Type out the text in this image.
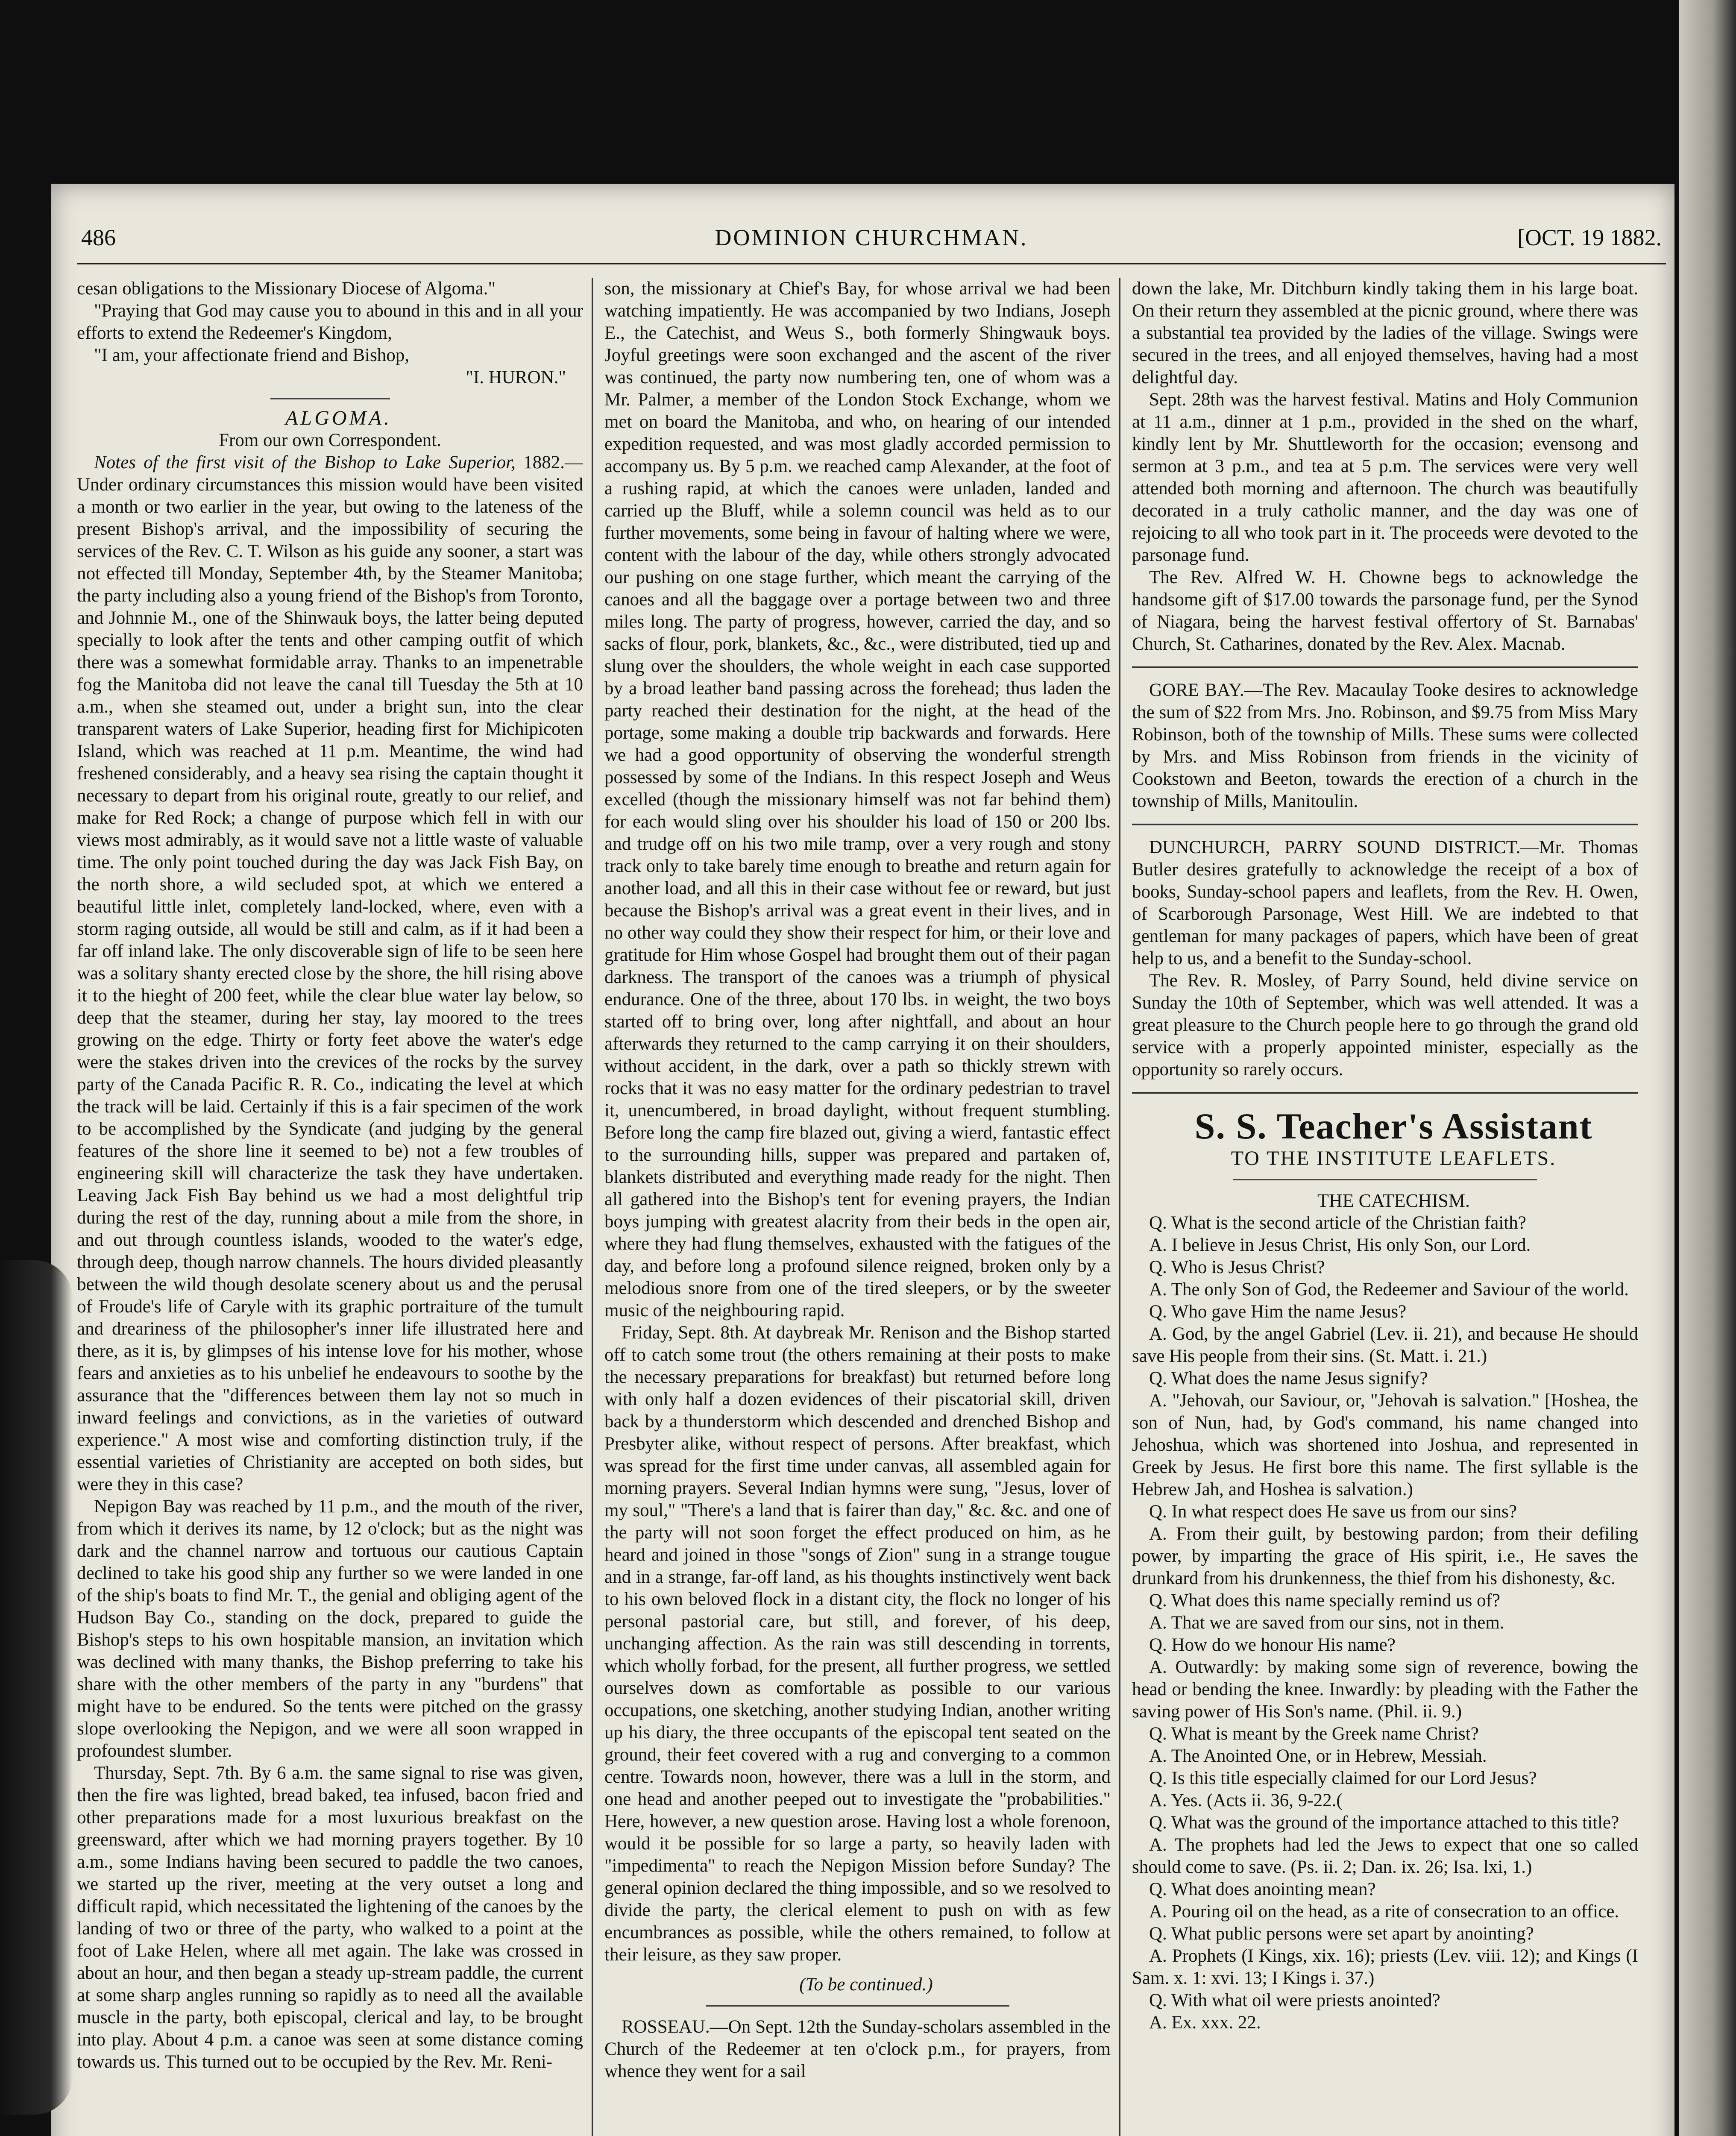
486	DOMINION CHURCHMAN.	[OCT. 19 1882.

cesan obligations to the Missionary Diocese of Algoma."

"Praying that God may cause you to abound in this and in all your efforts to extend the Redeemer's Kingdom,

"I am, your affectionate friend and Bishop,

"I. HURON."

ALGOMA.

From our own Correspondent.

Notes of the first visit of the Bishop to Lake Superior, 1882.—Under ordinary circumstances this mission would have been visited a month or two earlier in the year, but owing to the lateness of the present Bishop's arrival, and the impossibility of securing the services of the Rev. C. T. Wilson as his guide any sooner, a start was not effected till Monday, September 4th, by the Steamer Manitoba; the party including also a young friend of the Bishop's from Toronto, and Johnnie M., one of the Shinwauk boys, the latter being deputed specially to look after the tents and other camping outfit of which there was a somewhat formidable array. Thanks to an impenetrable fog the Manitoba did not leave the canal till Tuesday the 5th at 10 a.m., when she steamed out, under a bright sun, into the clear transparent waters of Lake Superior, heading first for Michipicoten Island, which was reached at 11 p.m. Meantime, the wind had freshened considerably, and a heavy sea rising the captain thought it necessary to depart from his original route, greatly to our relief, and make for Red Rock; a change of purpose which fell in with our views most admirably, as it would save not a little waste of valuable time. The only point touched during the day was Jack Fish Bay, on the north shore, a wild secluded spot, at which we entered a beautiful little inlet, completely land-locked, where, even with a storm raging outside, all would be still and calm, as if it had been a far off inland lake. The only discoverable sign of life to be seen here was a solitary shanty erected close by the shore, the hill rising above it to the hieght of 200 feet, while the clear blue water lay below, so deep that the steamer, during her stay, lay moored to the trees growing on the edge. Thirty or forty feet above the water's edge were the stakes driven into the crevices of the rocks by the survey party of the Canada Pacific R. R. Co., indicating the level at which the track will be laid. Certainly if this is a fair specimen of the work to be accomplished by the Syndicate (and judging by the general features of the shore line it seemed to be) not a few troubles of engineering skill will characterize the task they have undertaken. Leaving Jack Fish Bay behind us we had a most delightful trip during the rest of the day, running about a mile from the shore, in and out through countless islands, wooded to the water's edge, through deep, though narrow channels. The hours divided pleasantly between the wild though desolate scenery about us and the perusal of Froude's life of Caryle with its graphic portraiture of the tumult and dreariness of the philosopher's inner life illustrated here and there, as it is, by glimpses of his intense love for his mother, whose fears and anxieties as to his unbelief he endeavours to soothe by the assurance that the "differences between them lay not so much in inward feelings and convictions, as in the varieties of outward experience." A most wise and comforting distinction truly, if the essential varieties of Christianity are accepted on both sides, but were they in this case?

Nepigon Bay was reached by 11 p.m., and the mouth of the river, from which it derives its name, by 12 o'clock; but as the night was dark and the channel narrow and tortuous our cautious Captain declined to take his good ship any further so we were landed in one of the ship's boats to find Mr. T., the genial and obliging agent of the Hudson Bay Co., standing on the dock, prepared to guide the Bishop's steps to his own hospitable mansion, an invitation which was declined with many thanks, the Bishop preferring to take his share with the other members of the party in any "burdens" that might have to be endured. So the tents were pitched on the grassy slope overlooking the Nepigon, and we were all soon wrapped in profoundest slumber.

Thursday, Sept. 7th. By 6 a.m. the same signal to rise was given, then the fire was lighted, bread baked, tea infused, bacon fried and other preparations made for a most luxurious breakfast on the greensward, after which we had morning prayers together. By 10 a.m., some Indians having been secured to paddle the two canoes, we started up the river, meeting at the very outset a long and difficult rapid, which necessitated the lightening of the canoes by the landing of two or three of the party, who walked to a point at the foot of Lake Helen, where all met again. The lake was crossed in about an hour, and then began a steady up-stream paddle, the current at some sharp angles running so rapidly as to need all the available muscle in the party, both episcopal, clerical and lay, to be brought into play. About 4 p.m. a canoe was seen at some distance coming towards us. This turned out to be occupied by the Rev. Mr. Reni-

son, the missionary at Chief's Bay, for whose arrival we had been watching impatiently. He was accompanied by two Indians, Joseph E., the Catechist, and Weus S., both formerly Shingwauk boys. Joyful greetings were soon exchanged and the ascent of the river was continued, the party now numbering ten, one of whom was a Mr. Palmer, a member of the London Stock Exchange, whom we met on board the Manitoba, and who, on hearing of our intended expedition requested, and was most gladly accorded permission to accompany us. By 5 p.m. we reached camp Alexander, at the foot of a rushing rapid, at which the canoes were unladen, landed and carried up the Bluff, while a solemn council was held as to our further movements, some being in favour of halting where we were, content with the labour of the day, while others strongly advocated our pushing on one stage further, which meant the carrying of the canoes and all the baggage over a portage between two and three miles long. The party of progress, however, carried the day, and so sacks of flour, pork, blankets, &c., &c., were distributed, tied up and slung over the shoulders, the whole weight in each case supported by a broad leather band passing across the forehead; thus laden the party reached their destination for the night, at the head of the portage, some making a double trip backwards and forwards. Here we had a good opportunity of observing the wonderful strength possessed by some of the Indians. In this respect Joseph and Weus excelled (though the missionary himself was not far behind them) for each would sling over his shoulder his load of 150 or 200 lbs. and trudge off on his two mile tramp, over a very rough and stony track only to take barely time enough to breathe and return again for another load, and all this in their case without fee or reward, but just because the Bishop's arrival was a great event in their lives, and in no other way could they show their respect for him, or their love and gratitude for Him whose Gospel had brought them out of their pagan darkness. The transport of the canoes was a triumph of physical endurance. One of the three, about 170 lbs. in weight, the two boys started off to bring over, long after nightfall, and about an hour afterwards they returned to the camp carrying it on their shoulders, without accident, in the dark, over a path so thickly strewn with rocks that it was no easy matter for the ordinary pedestrian to travel it, unencumbered, in broad daylight, without frequent stumbling. Before long the camp fire blazed out, giving a wierd, fantastic effect to the surrounding hills, supper was prepared and partaken of, blankets distributed and everything made ready for the night. Then all gathered into the Bishop's tent for evening prayers, the Indian boys jumping with greatest alacrity from their beds in the open air, where they had flung themselves, exhausted with the fatigues of the day, and before long a profound silence reigned, broken only by a melodious snore from one of the tired sleepers, or by the sweeter music of the neighbouring rapid.

Friday, Sept. 8th. At daybreak Mr. Renison and the Bishop started off to catch some trout (the others remaining at their posts to make the necessary preparations for breakfast) but returned before long with only half a dozen evidences of their piscatorial skill, driven back by a thunderstorm which descended and drenched Bishop and Presbyter alike, without respect of persons. After breakfast, which was spread for the first time under canvas, all assembled again for morning prayers. Several Indian hymns were sung, "Jesus, lover of my soul," "There's a land that is fairer than day," &c. &c. and one of the party will not soon forget the effect produced on him, as he heard and joined in those "songs of Zion" sung in a strange tougue and in a strange, far-off land, as his thoughts instinctively went back to his own beloved flock in a distant city, the flock no longer of his personal pastorial care, but still, and forever, of his deep, unchanging affection. As the rain was still descending in torrents, which wholly forbad, for the present, all further progress, we settled ourselves down as comfortable as possible to our various occupations, one sketching, another studying Indian, another writing up his diary, the three occupants of the episcopal tent seated on the ground, their feet covered with a rug and converging to a common centre. Towards noon, however, there was a lull in the storm, and one head and another peeped out to investigate the "probabilities." Here, however, a new question arose. Having lost a whole forenoon, would it be possible for so large a party, so heavily laden with "impedimenta" to reach the Nepigon Mission before Sunday? The general opinion declared the thing impossible, and so we resolved to divide the party, the clerical element to push on with as few encumbrances as possible, while the others remained, to follow at their leisure, as they saw proper.

(To be continued.)

ROSSEAU.—On Sept. 12th the Sunday-scholars assembled in the Church of the Redeemer at ten o'clock p.m., for prayers, from whence they went for a sail

down the lake, Mr. Ditchburn kindly taking them in his large boat. On their return they assembled at the picnic ground, where there was a substantial tea provided by the ladies of the village. Swings were secured in the trees, and all enjoyed themselves, having had a most delightful day.

Sept. 28th was the harvest festival. Matins and Holy Communion at 11 a.m., dinner at 1 p.m., provided in the shed on the wharf, kindly lent by Mr. Shuttleworth for the occasion; evensong and sermon at 3 p.m., and tea at 5 p.m. The services were very well attended both morning and afternoon. The church was beautifully decorated in a truly catholic manner, and the day was one of rejoicing to all who took part in it. The proceeds were devoted to the parsonage fund.

The Rev. Alfred W. H. Chowne begs to acknowledge the handsome gift of $17.00 towards the parsonage fund, per the Synod of Niagara, being the harvest festival offertory of St. Barnabas' Church, St. Catharines, donated by the Rev. Alex. Macnab.

GORE BAY.—The Rev. Macaulay Tooke desires to acknowledge the sum of $22 from Mrs. Jno. Robinson, and $9.75 from Miss Mary Robinson, both of the township of Mills. These sums were collected by Mrs. and Miss Robinson from friends in the vicinity of Cookstown and Beeton, towards the erection of a church in the township of Mills, Manitoulin.

DUNCHURCH, PARRY SOUND DISTRICT.—Mr. Thomas Butler desires gratefully to acknowledge the receipt of a box of books, Sunday-school papers and leaflets, from the Rev. H. Owen, of Scarborough Parsonage, West Hill. We are indebted to that gentleman for many packages of papers, which have been of great help to us, and a benefit to the Sunday-school.

The Rev. R. Mosley, of Parry Sound, held divine service on Sunday the 10th of September, which was well attended. It was a great pleasure to the Church people here to go through the grand old service with a properly appointed minister, especially as the opportunity so rarely occurs.

S. S. Teacher's Assistant

TO THE INSTITUTE LEAFLETS.

THE CATECHISM.

Q. What is the second article of the Christian faith?

A. I believe in Jesus Christ, His only Son, our Lord.

Q. Who is Jesus Christ?

A. The only Son of God, the Redeemer and Saviour of the world.

Q. Who gave Him the name Jesus?

A. God, by the angel Gabriel (Lev. ii. 21), and because He should save His people from their sins. (St. Matt. i. 21.)

Q. What does the name Jesus signify?

A. "Jehovah, our Saviour, or, "Jehovah is salvation." [Hoshea, the son of Nun, had, by God's command, his name changed into Jehoshua, which was shortened into Joshua, and represented in Greek by Jesus. He first bore this name. The first syllable is the Hebrew Jah, and Hoshea is salvation.)

Q. In what respect does He save us from our sins?

A. From their guilt, by bestowing pardon; from their defiling power, by imparting the grace of His spirit, i.e., He saves the drunkard from his drunkenness, the thief from his dishonesty, &c.

Q. What does this name specially remind us of?

A. That we are saved from our sins, not in them.

Q. How do we honour His name?

A. Outwardly: by making some sign of reverence, bowing the head or bending the knee. Inwardly: by pleading with the Father the saving power of His Son's name. (Phil. ii. 9.)

Q. What is meant by the Greek name Christ?

A. The Anointed One, or in Hebrew, Messiah.

Q. Is this title especially claimed for our Lord Jesus?

A. Yes. (Acts ii. 36, 9-22.(

Q. What was the ground of the importance attached to this title?

A. The prophets had led the Jews to expect that one so called should come to save. (Ps. ii. 2; Dan. ix. 26; Isa. lxi, 1.)

Q. What does anointing mean?

A. Pouring oil on the head, as a rite of consecration to an office.

Q. What public persons were set apart by anointing?

A. Prophets (I Kings, xix. 16); priests (Lev. viii. 12); and Kings (I Sam. x. 1: xvi. 13; I Kings i. 37.)

Q. With what oil were priests anointed?

A. Ex. xxx. 22.
